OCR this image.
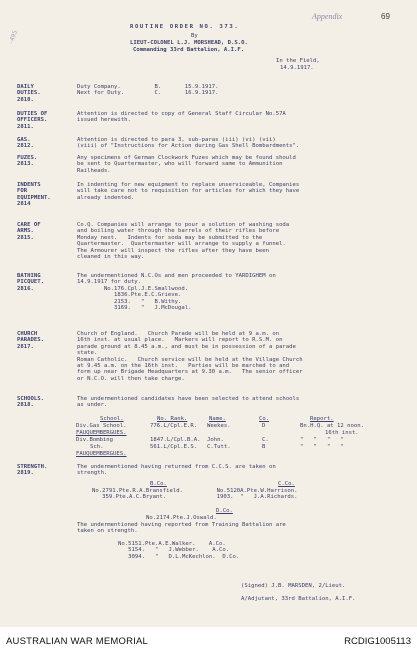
Appendix	69
-495
ROUTINE ORDER NO. 373.
By
LIEUT-COLONEL L.J. MORSHEAD, D.S.O.
Commanding 33rd Battalion, A.I.F.
In the Field,
14.9.1917.
DAILY
DUTIES.
2810.
Duty Company.          B.       15.9.1917.
Next for Duty.         C.       16.9.1917.
DUTIES OF
OFFICERS.
2811.
Attention is directed to copy of General Staff Circular No.57A
issued herewith.
GAS.
2812.
Attention is directed to para 3, sub-paras (iii) (vi) (vii)
(viii) of "Instructions for Action during Gas Shell Bombardments".
FUZES.
2813.
Any specimens of German Clockwork Fuzes which may be found should
be sent to Quartermaster, who will forward same to Ammunition
Railheads.
INDENTS
FOR
EQUIPMENT.
2814
In indenting for new equipment to replace unserviceable, Companies
will take care not to requisition for articles for which they have
already indented.
CARE OF
ARMS.
2815.
Co.Q. Companies will arrange to pour a solution of washing soda
and boiling water through the barrels of their rifles before
Monday next.   Indents for soda may be submitted to the
Quartermaster.  Quartermaster will arrange to supply a funnel.
The Armourer will inspect the rifles after they have been
cleaned in this way.
BATHING
PICQUET.
2816.
The undermentioned N.C.Os and men proceeded to YARDIGHEM on
14.9.1917 for duty.
No.176.Cpl.J.E.Smallwood.
1836.Pte.E.C.Grieve.
2153.   "   B.Withy.
3169.   "   J.McDougal.
CHURCH
PARADES.
2817.
Church of England.   Church Parade will be held at 9 a.m. on
16th inst. at usual place.   Markers will report to R.S.M. on
parade ground at 8.45 a.m., and must be in possession of a parade
state.
Roman Catholic.   Church service will be held at the Village Church
at 9.45 a.m. on the 16th inst.   Parties will be marched to and
form up near Brigade Headquarters at 9.30 a.m.   The senior officer
or N.C.O. will then take charge.
SCHOOLS.
2818.
The undermentioned candidates have been selected to attend schools
as under.
School.	No. Rank.	Name.	Co.	Report.
Div.Gas School.	776.L/Cpl.E.R. Weekes.	D	Bn.H.Q. at 12 noon.
FAUQUEMBERGUES.	16th inst.
Div.Bombing	1847.L/Cpl.B.A. John.	C.	"   "   "   "
Sch.	561.L/Cpl.E.S. C.Tutt.	B	"   "   "   "
FAUQUEMBERGUES.
STRENGTH.
2819.
The undermentioned having returned from C.C.S. are taken on
strength.
B.Co.	C.Co.
No.2791.Pte.R.A.Bransfield.          No.5120A.Pte.W.Harrison.
359.Pte.A.C.Bryant.               1903.  "   J.A.Richards.
D.Co.
No.2174.Pte.J.Oswald.
The undermentioned having reported from Training Battalion are
taken on strength.
No.5151.Pte.A.E.Walker.    A.Co.
5154.   "   J.Webber.    A.Co.
3094.   "   D.L.McKechlon.  D.Co.
(Signed) J.B. MARSDEN, 2/Lieut.
A/Adjutant, 33rd Battalion, A.I.F.
AUSTRALIAN WAR MEMORIAL	RCDIG1005113
